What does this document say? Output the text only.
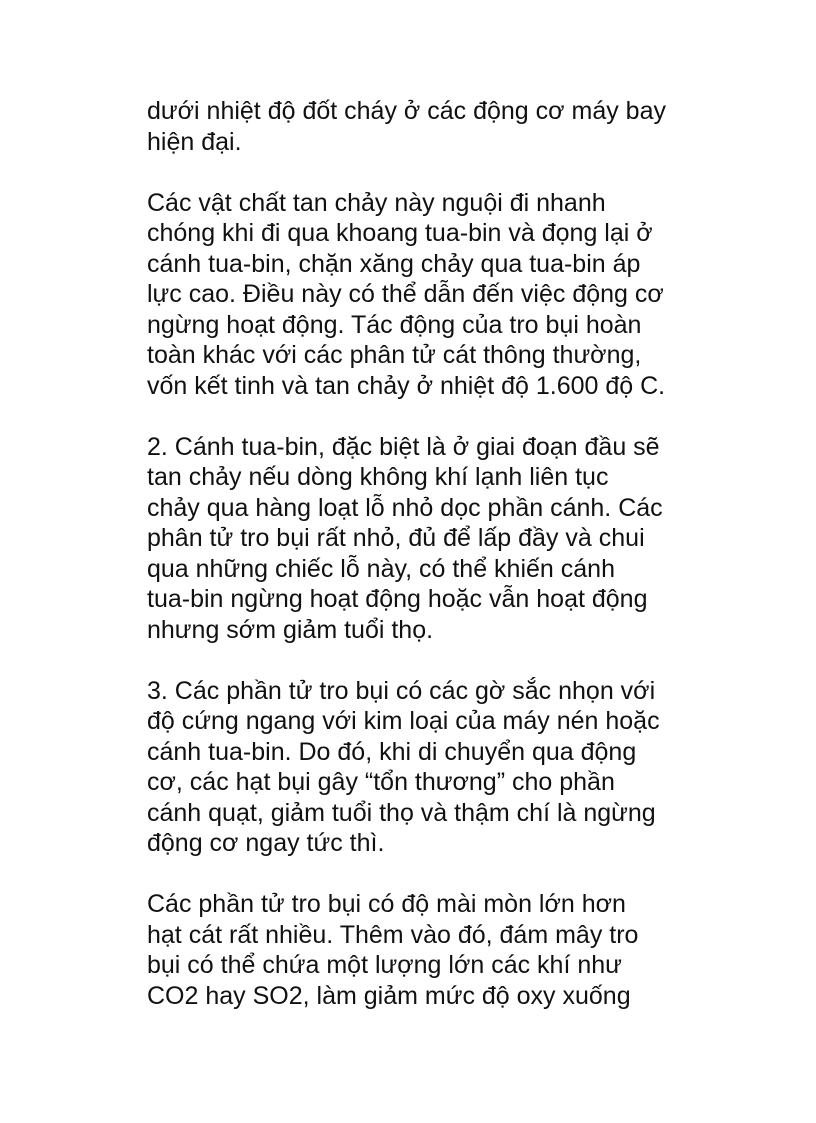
dưới nhiệt độ đốt cháy ở các động cơ máy bay
hiện đại.

Các vật chất tan chảy này nguội đi nhanh
chóng khi đi qua khoang tua-bin và đọng lại ở
cánh tua-bin, chặn xăng chảy qua tua-bin áp
lực cao. Điều này có thể dẫn đến việc động cơ
ngừng hoạt động. Tác động của tro bụi hoàn
toàn khác với các phân tử cát thông thường,
vốn kết tinh và tan chảy ở nhiệt độ 1.600 độ C.

2. Cánh tua-bin, đặc biệt là ở giai đoạn đầu sẽ
tan chảy nếu dòng không khí lạnh liên tục
chảy qua hàng loạt lỗ nhỏ dọc phần cánh. Các
phân tử tro bụi rất nhỏ, đủ để lấp đầy và chui
qua những chiếc lỗ này, có thể khiến cánh
tua-bin ngừng hoạt động hoặc vẫn hoạt động
nhưng sớm giảm tuổi thọ.

3. Các phần tử tro bụi có các gờ sắc nhọn với
độ cứng ngang với kim loại của máy nén hoặc
cánh tua-bin. Do đó, khi di chuyển qua động
cơ, các hạt bụi gây “tổn thương” cho phần
cánh quạt, giảm tuổi thọ và thậm chí là ngừng
động cơ ngay tức thì.

Các phần tử tro bụi có độ mài mòn lớn hơn
hạt cát rất nhiều. Thêm vào đó, đám mây tro
bụi có thể chứa một lượng lớn các khí như
CO2 hay SO2, làm giảm mức độ oxy xuống
